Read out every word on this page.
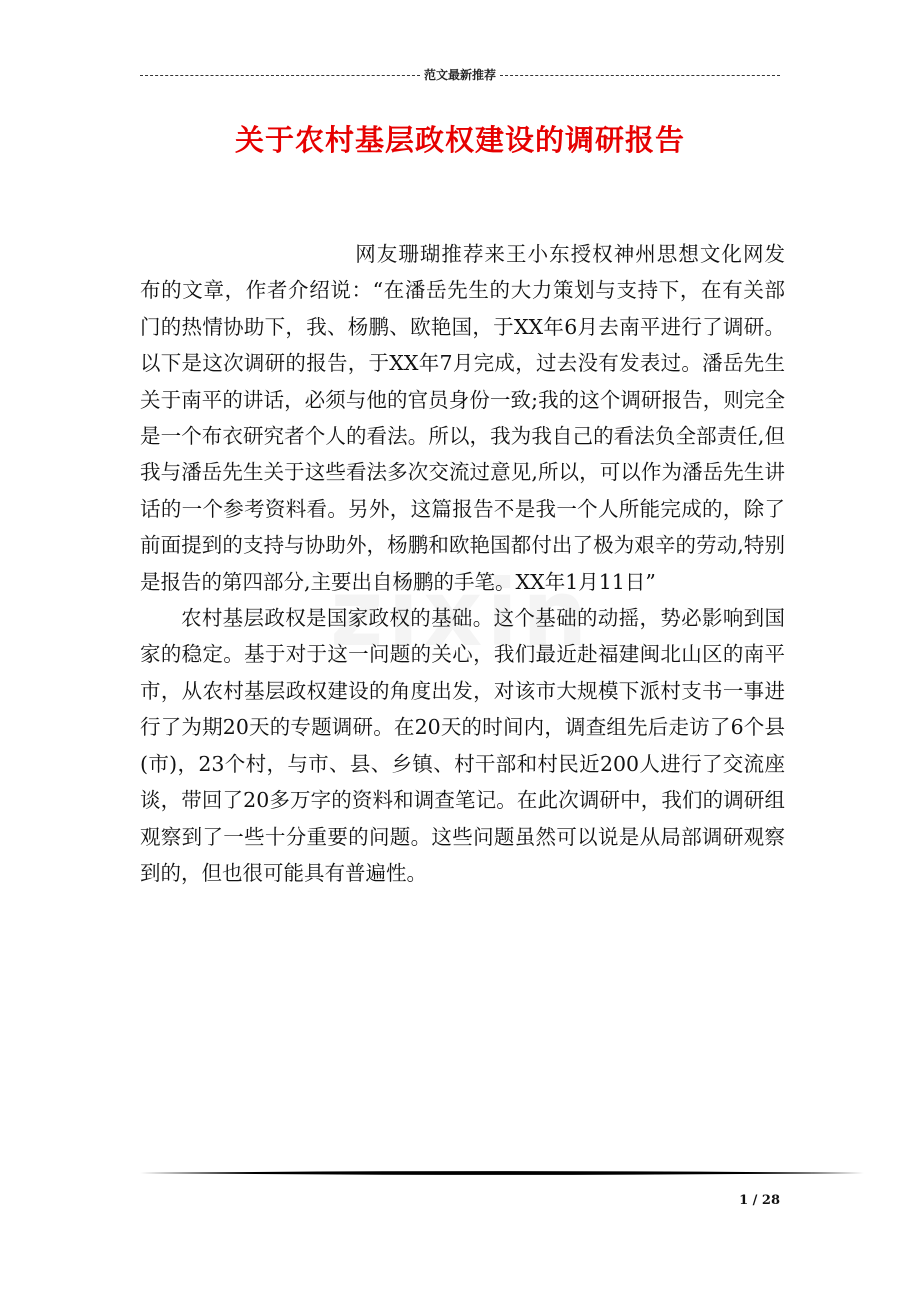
范文最新推荐
关于农村基层政权建设的调研报告

网友珊瑚推荐来王小东授权神州思想文化网发布的文章，作者介绍说：“在潘岳先生的大力策划与支持下，在有关部门的热情协助下，我、杨鹏、欧艳国，于XX年6月去南平进行了调研。以下是这次调研的报告，于XX年7月完成，过去没有发表过。潘岳先生关于南平的讲话，必须与他的官员身份一致;我的这个调研报告，则完全是一个布衣研究者个人的看法。所以，我为我自己的看法负全部责任,但我与潘岳先生关于这些看法多次交流过意见,所以，可以作为潘岳先生讲话的一个参考资料看。另外，这篇报告不是我一个人所能完成的，除了前面提到的支持与协助外，杨鹏和欧艳国都付出了极为艰辛的劳动,特别是报告的第四部分,主要出自杨鹏的手笔。XX年1月11日”

农村基层政权是国家政权的基础。这个基础的动摇，势必影响到国家的稳定。基于对于这一问题的关心，我们最近赴福建闽北山区的南平市，从农村基层政权建设的角度出发，对该市大规模下派村支书一事进行了为期20天的专题调研。在20天的时间内，调查组先后走访了6个县(市)，23个村，与市、县、乡镇、村干部和村民近200人进行了交流座谈，带回了20多万字的资料和调查笔记。在此次调研中，我们的调研组观察到了一些十分重要的问题。这些问题虽然可以说是从局部调研观察到的，但也很可能具有普遍性。

1 / 28
